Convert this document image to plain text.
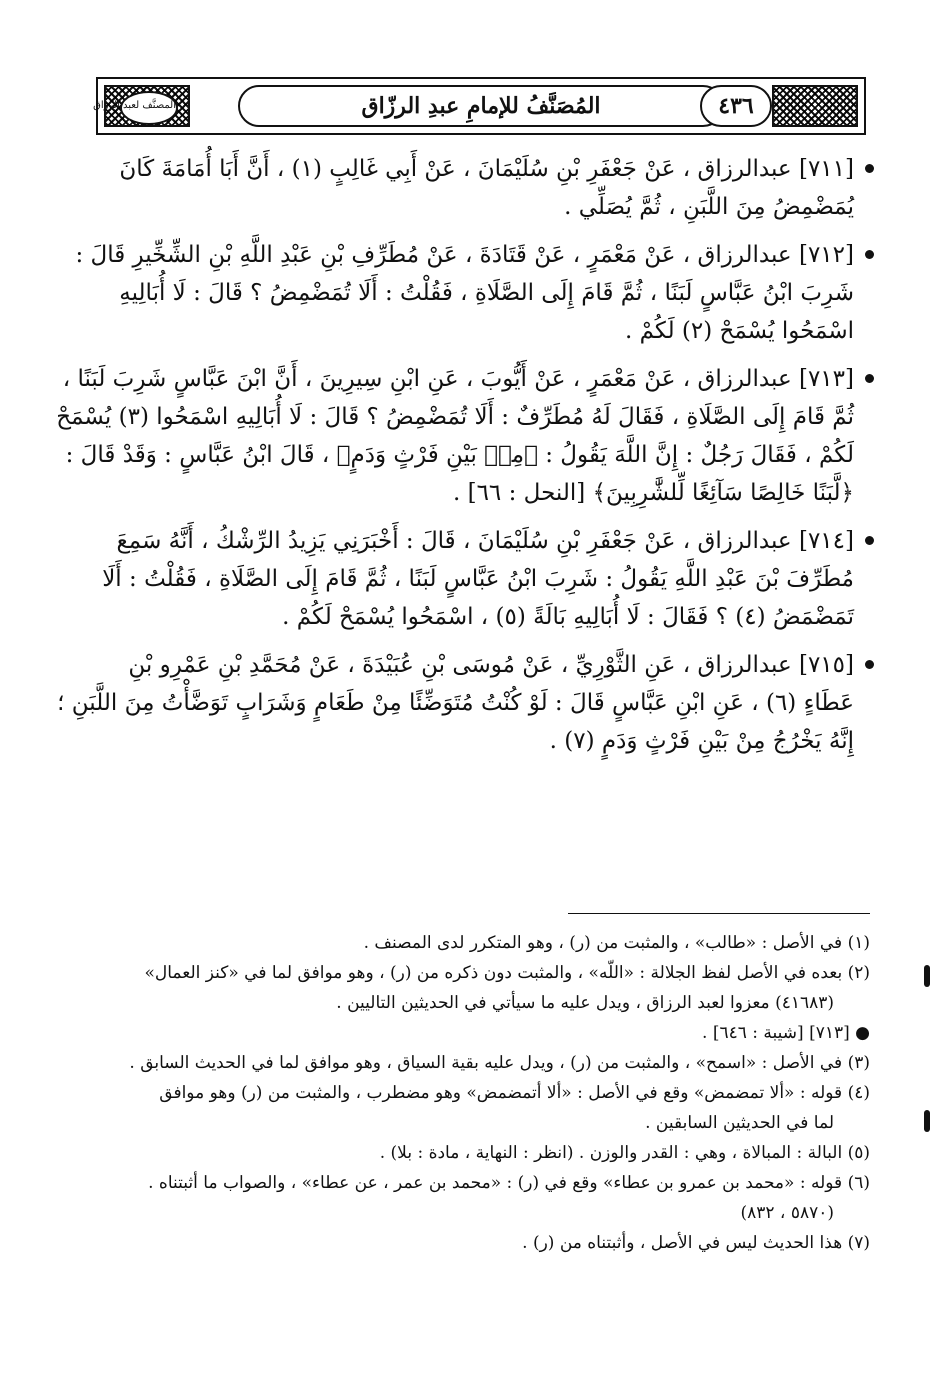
المصنَّف لعبد الرزاق	المُصَنَّفُ للإمامِ عبدِ الرزّاق	٤٣٦
[٧١١] عبدالرزاق ، عَنْ جَعْفَرِ بْنِ سُلَيْمَانَ ، عَنْ أَبِي غَالِبٍ (١) ، أَنَّ أَبَا أُمَامَةَ كَانَ
يُمَضْمِضُ مِنَ اللَّبَنِ ، ثُمَّ يُصَلِّي .
[٧١٢] عبدالرزاق ، عَنْ مَعْمَرٍ ، عَنْ قَتَادَةَ ، عَنْ مُطَرِّفِ بْنِ عَبْدِ اللَّهِ بْنِ الشِّخِّيرِ قَالَ :
شَرِبَ ابْنُ عَبَّاسٍ لَبَنًا ، ثُمَّ قَامَ إِلَى الصَّلَاةِ ، فَقُلْتُ : أَلَا تُمَضْمِضُ ؟ قَالَ : لَا أُبَالِيهِ
اسْمَحُوا يُسْمَحْ (٢) لَكُمْ .
[٧١٣] عبدالرزاق ، عَنْ مَعْمَرٍ ، عَنْ أَيُّوبَ ، عَنِ ابْنِ سِيرِينَ ، أَنَّ ابْنَ عَبَّاسٍ شَرِبَ لَبَنًا ،
ثُمَّ قَامَ إِلَى الصَّلَاةِ ، فَقَالَ لَهُ مُطَرِّفٌ : أَلَا تُمَضْمِضُ ؟ قَالَ : لَا أُبَالِيهِ اسْمَحُوا (٣) يُسْمَحْ
لَكُمْ ، فَقَالَ رَجُلٌ : إِنَّ اللَّهَ يَقُولُ : ﴿مِنۢ بَيْنِ فَرْثٍ وَدَمٍ﴾ ، قَالَ ابْنُ عَبَّاسٍ : وَقَدْ قَالَ :
﴿لَّبَنًا خَالِصًا سَآئِغًا لِّلشَّٰرِبِينَ﴾ [النحل : ٦٦] .
[٧١٤] عبدالرزاق ، عَنْ جَعْفَرِ بْنِ سُلَيْمَانَ ، قَالَ : أَخْبَرَنِي يَزِيدُ الرِّشْكُ ، أَنَّهُ سَمِعَ
مُطَرِّفَ بْنَ عَبْدِ اللَّهِ يَقُولُ : شَرِبَ ابْنُ عَبَّاسٍ لَبَنًا ، ثُمَّ قَامَ إِلَى الصَّلَاةِ ، فَقُلْتُ : أَلَا
تَمَضْمَضُ (٤) ؟ فَقَالَ : لَا أُبَالِيهِ بَالَةً (٥) ، اسْمَحُوا يُسْمَحْ لَكُمْ .
[٧١٥] عبدالرزاق ، عَنِ الثَّوْرِيِّ ، عَنْ مُوسَى بْنِ عُبَيْدَةَ ، عَنْ مُحَمَّدِ بْنِ عَمْرِو بْنِ
عَطَاءٍ (٦) ، عَنِ ابْنِ عَبَّاسٍ قَالَ : لَوْ كُنْتُ مُتَوَضِّئًا مِنْ طَعَامٍ وَشَرَابٍ تَوَضَّأْتُ مِنَ اللَّبَنِ ؛
إِنَّهُ يَخْرُجُ مِنْ بَيْنِ فَرْثٍ وَدَمٍ (٧) .
(١) في الأصل : «طالب» ، والمثبت من (ر) ، وهو المتكرر لدى المصنف .
(٢) بعده في الأصل لفظ الجلالة : «اللّه» ، والمثبت دون ذكره من (ر) ، وهو موافق لما في «كنز العمال»
(٤١٦٨٣) معزوا لعبد الرزاق ، ويدل عليه ما سيأتي في الحديثين التاليين .
● [٧١٣] [شيبة : ٦٤٦] .
(٣) في الأصل : «اسمح» ، والمثبت من (ر) ، ويدل عليه بقية السياق ، وهو موافق لما في الحديث السابق .
(٤) قوله : «ألا تمضمض» وقع في الأصل : «ألا أتمضمض» وهو مضطرب ، والمثبت من (ر) وهو موافق
لما في الحديثين السابقين .
(٥) البالة : المبالاة ، وهي : القدر والوزن . (انظر : النهاية ، مادة : بلا) .
(٦) قوله : «محمد بن عمرو بن عطاء» وقع في (ر) : «محمد بن عمر ، عن عطاء» ، والصواب ما أثبتناه .
(٥٨٧٠ ، ٨٣٢)
(٧) هذا الحديث ليس في الأصل ، وأثبتناه من (ر) .
